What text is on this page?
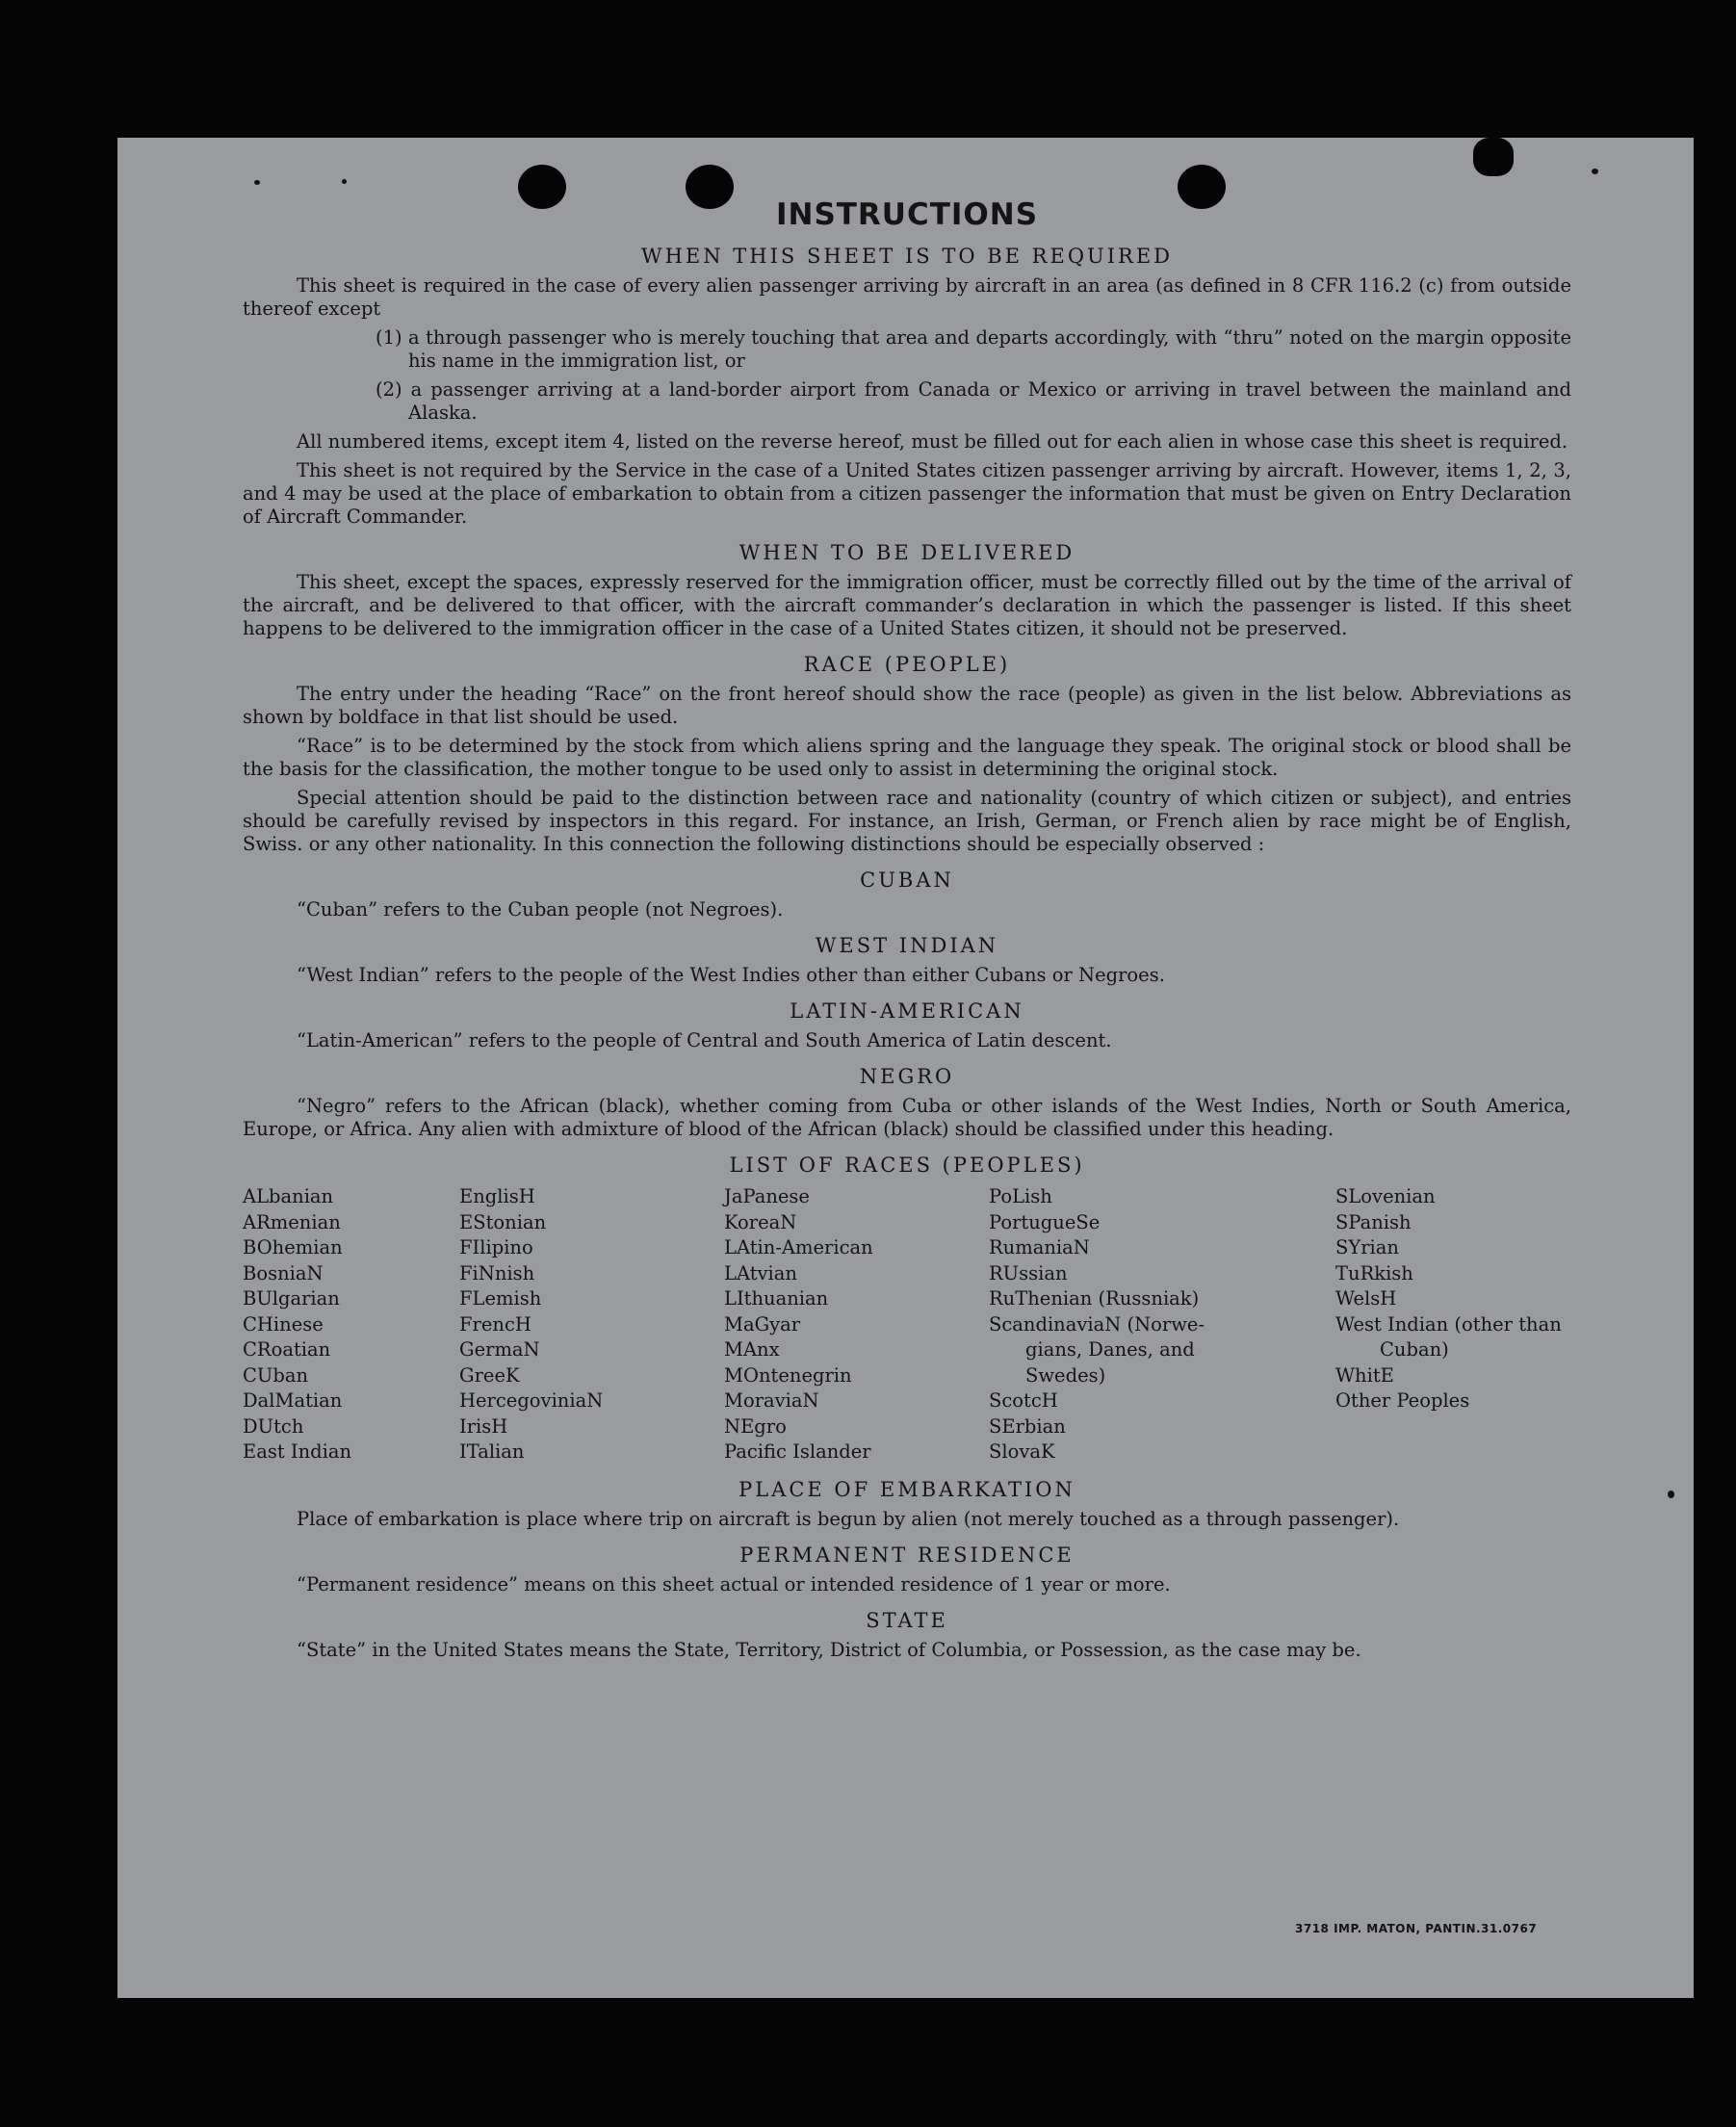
INSTRUCTIONS
WHEN THIS SHEET IS TO BE REQUIRED

This sheet is required in the case of every alien passenger arriving by aircraft in an area (as defined in 8 CFR 116.2 (c) from outside thereof except

(1) a through passenger who is merely touching that area and departs accordingly, with “thru” noted on the margin opposite his name in the immigration list, or
(2) a passenger arriving at a land-border airport from Canada or Mexico or arriving in travel between the mainland and Alaska.

All numbered items, except item 4, listed on the reverse hereof, must be filled out for each alien in whose case this sheet is required.

This sheet is not required by the Service in the case of a United States citizen passenger arriving by aircraft. However, items 1, 2, 3, and 4 may be used at the place of embarkation to obtain from a citizen passenger the information that must be given on Entry Declaration of Aircraft Commander.

WHEN TO BE DELIVERED

This sheet, except the spaces, expressly reserved for the immigration officer, must be correctly filled out by the time of the arrival of the aircraft, and be delivered to that officer, with the aircraft commander’s declaration in which the passenger is listed. If this sheet happens to be delivered to the immigration officer in the case of a United States citizen, it should not be preserved.

RACE (PEOPLE)

The entry under the heading “Race” on the front hereof should show the race (people) as given in the list below. Abbreviations as shown by boldface in that list should be used.

“Race” is to be determined by the stock from which aliens spring and the language they speak. The original stock or blood shall be the basis for the classification, the mother tongue to be used only to assist in determining the original stock.

Special attention should be paid to the distinction between race and nationality (country of which citizen or subject), and entries should be carefully revised by inspectors in this regard. For instance, an Irish, German, or French alien by race might be of English, Swiss. or any other nationality. In this connection the following distinctions should be especially observed :

CUBAN

“Cuban” refers to the Cuban people (not Negroes).

WEST INDIAN

“West Indian” refers to the people of the West Indies other than either Cubans or Negroes.

LATIN-AMERICAN

“Latin-American” refers to the people of Central and South America of Latin descent.

NEGRO

“Negro” refers to the African (black), whether coming from Cuba or other islands of the West Indies, North or South America, Europe, or Africa. Any alien with admixture of blood of the African (black) should be classified under this heading.

LIST OF RACES (PEOPLES)
ALbanian
ARmenian
BOhemian
BosniaN
BUlgarian
CHinese
CRoatian
CUban
DalMatian
DUtch
East Indian
EnglisH
EStonian
FIlipino
FiNnish
FLemish
FrencH
GermaN
GreeK
HercegoviniaN
IrisH
ITalian
JaPanese
KoreaN
LAtin-American
LAtvian
LIthuanian
MaGyar
MAnx
MOntenegrin
MoraviaN
NEgro
Pacific Islander
PoLish
PortugueSe
RumaniaN
RUssian
RuThenian (Russniak)
ScandinaviaN (Norwe-
gians, Danes, and
Swedes)
ScotcH
SErbian
SlovaK
SLovenian
SPanish
SYrian
TuRkish
WelsH
West Indian (other than Cuban)
WhitE
Other Peoples
PLACE OF EMBARKATION

Place of embarkation is place where trip on aircraft is begun by alien (not merely touched as a through passenger).

PERMANENT RESIDENCE

“Permanent residence” means on this sheet actual or intended residence of 1 year or more.

STATE

“State” in the United States means the State, Territory, District of Columbia, or Possession, as the case may be.

3718 IMP. MATON, PANTIN.31.0767
